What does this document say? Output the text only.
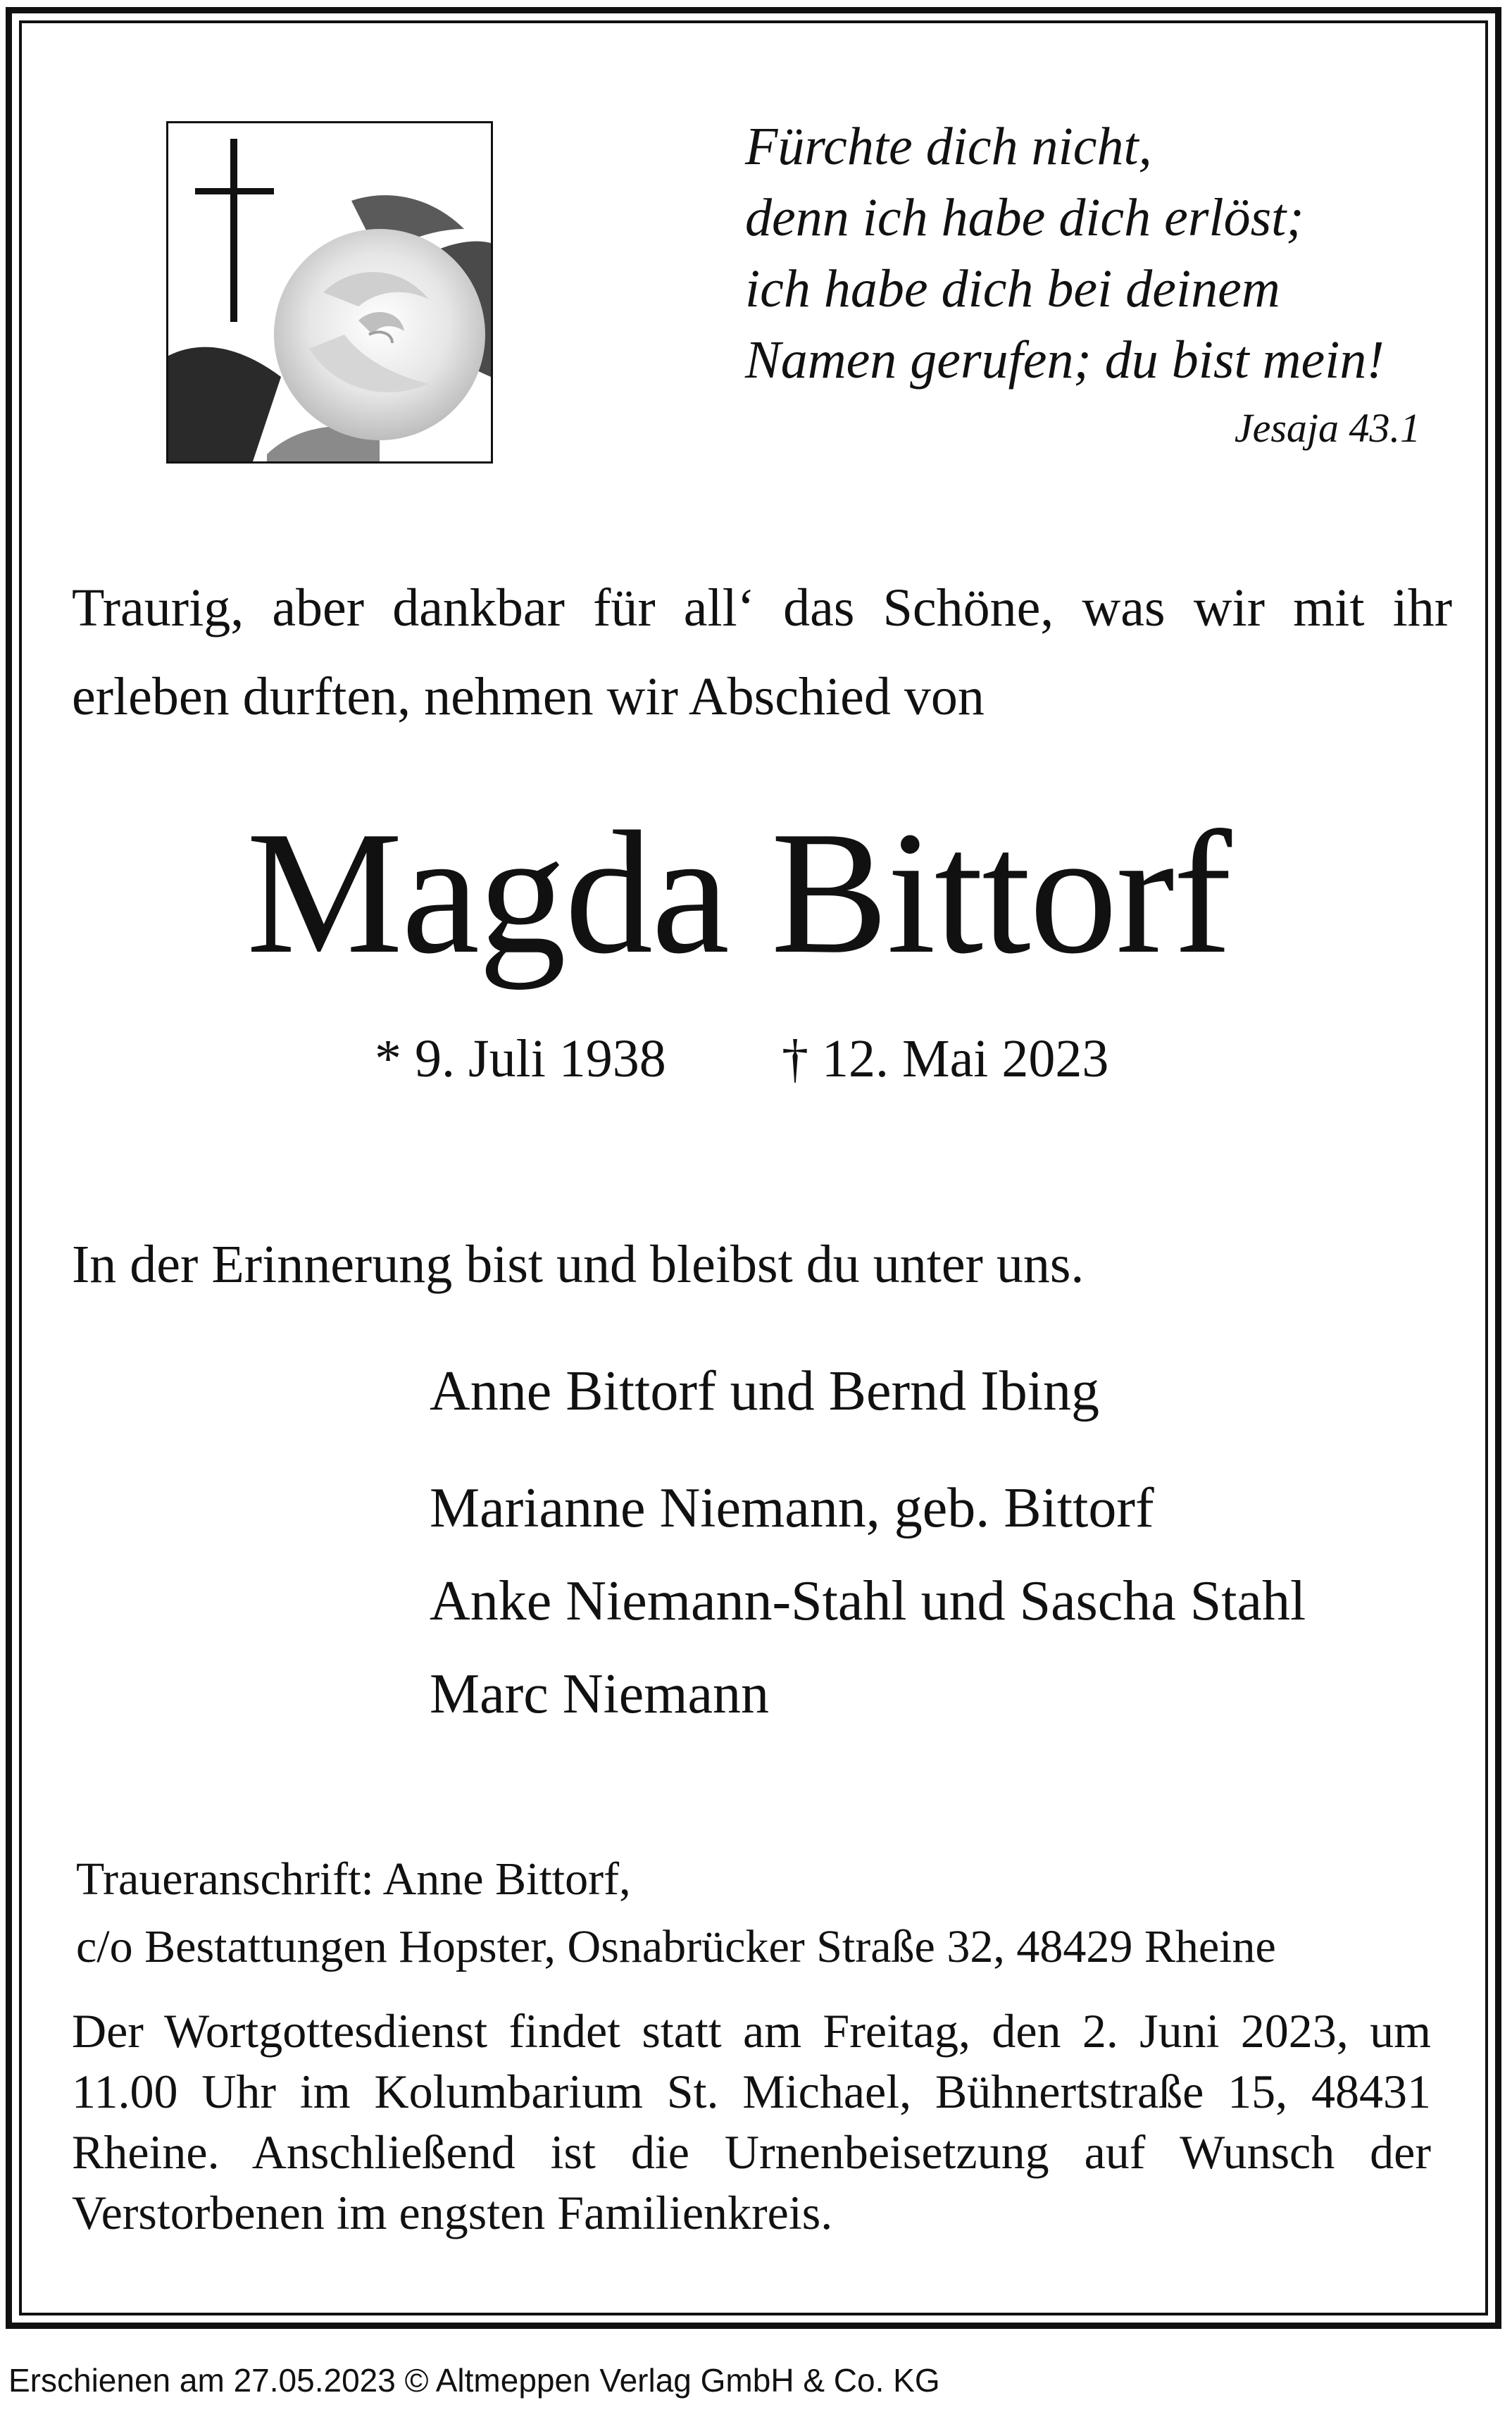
Fürchte dich nicht,
denn ich habe dich erlöst;
ich habe dich bei deinem
Namen gerufen; du bist mein!
Jesaja 43.1
Traurig, aber dankbar für all‘ das Schöne, was wir mit ihr
erleben durften, nehmen wir Abschied von
Magda Bittorf
* 9. Juli 1938 † 12. Mai 2023
In der Erinnerung bist und bleibst du unter uns.
Anne Bittorf und Bernd Ibing
Marianne Niemann, geb. Bittorf
Anke Niemann-Stahl und Sascha Stahl
Marc Niemann
Traueranschrift: Anne Bittorf,
c/o Bestattungen Hopster, Osnabrücker Straße 32, 48429 Rheine
Der Wortgottesdienst findet statt am Freitag, den 2. Juni 2023, um
11.00 Uhr im Kolumbarium St. Michael, Bühnertstraße 15, 48431
Rheine. Anschließend ist die Urnenbeisetzung auf Wunsch der
Verstorbenen im engsten Familienkreis.
Erschienen am 27.05.2023 © Altmeppen Verlag GmbH & Co. KG
